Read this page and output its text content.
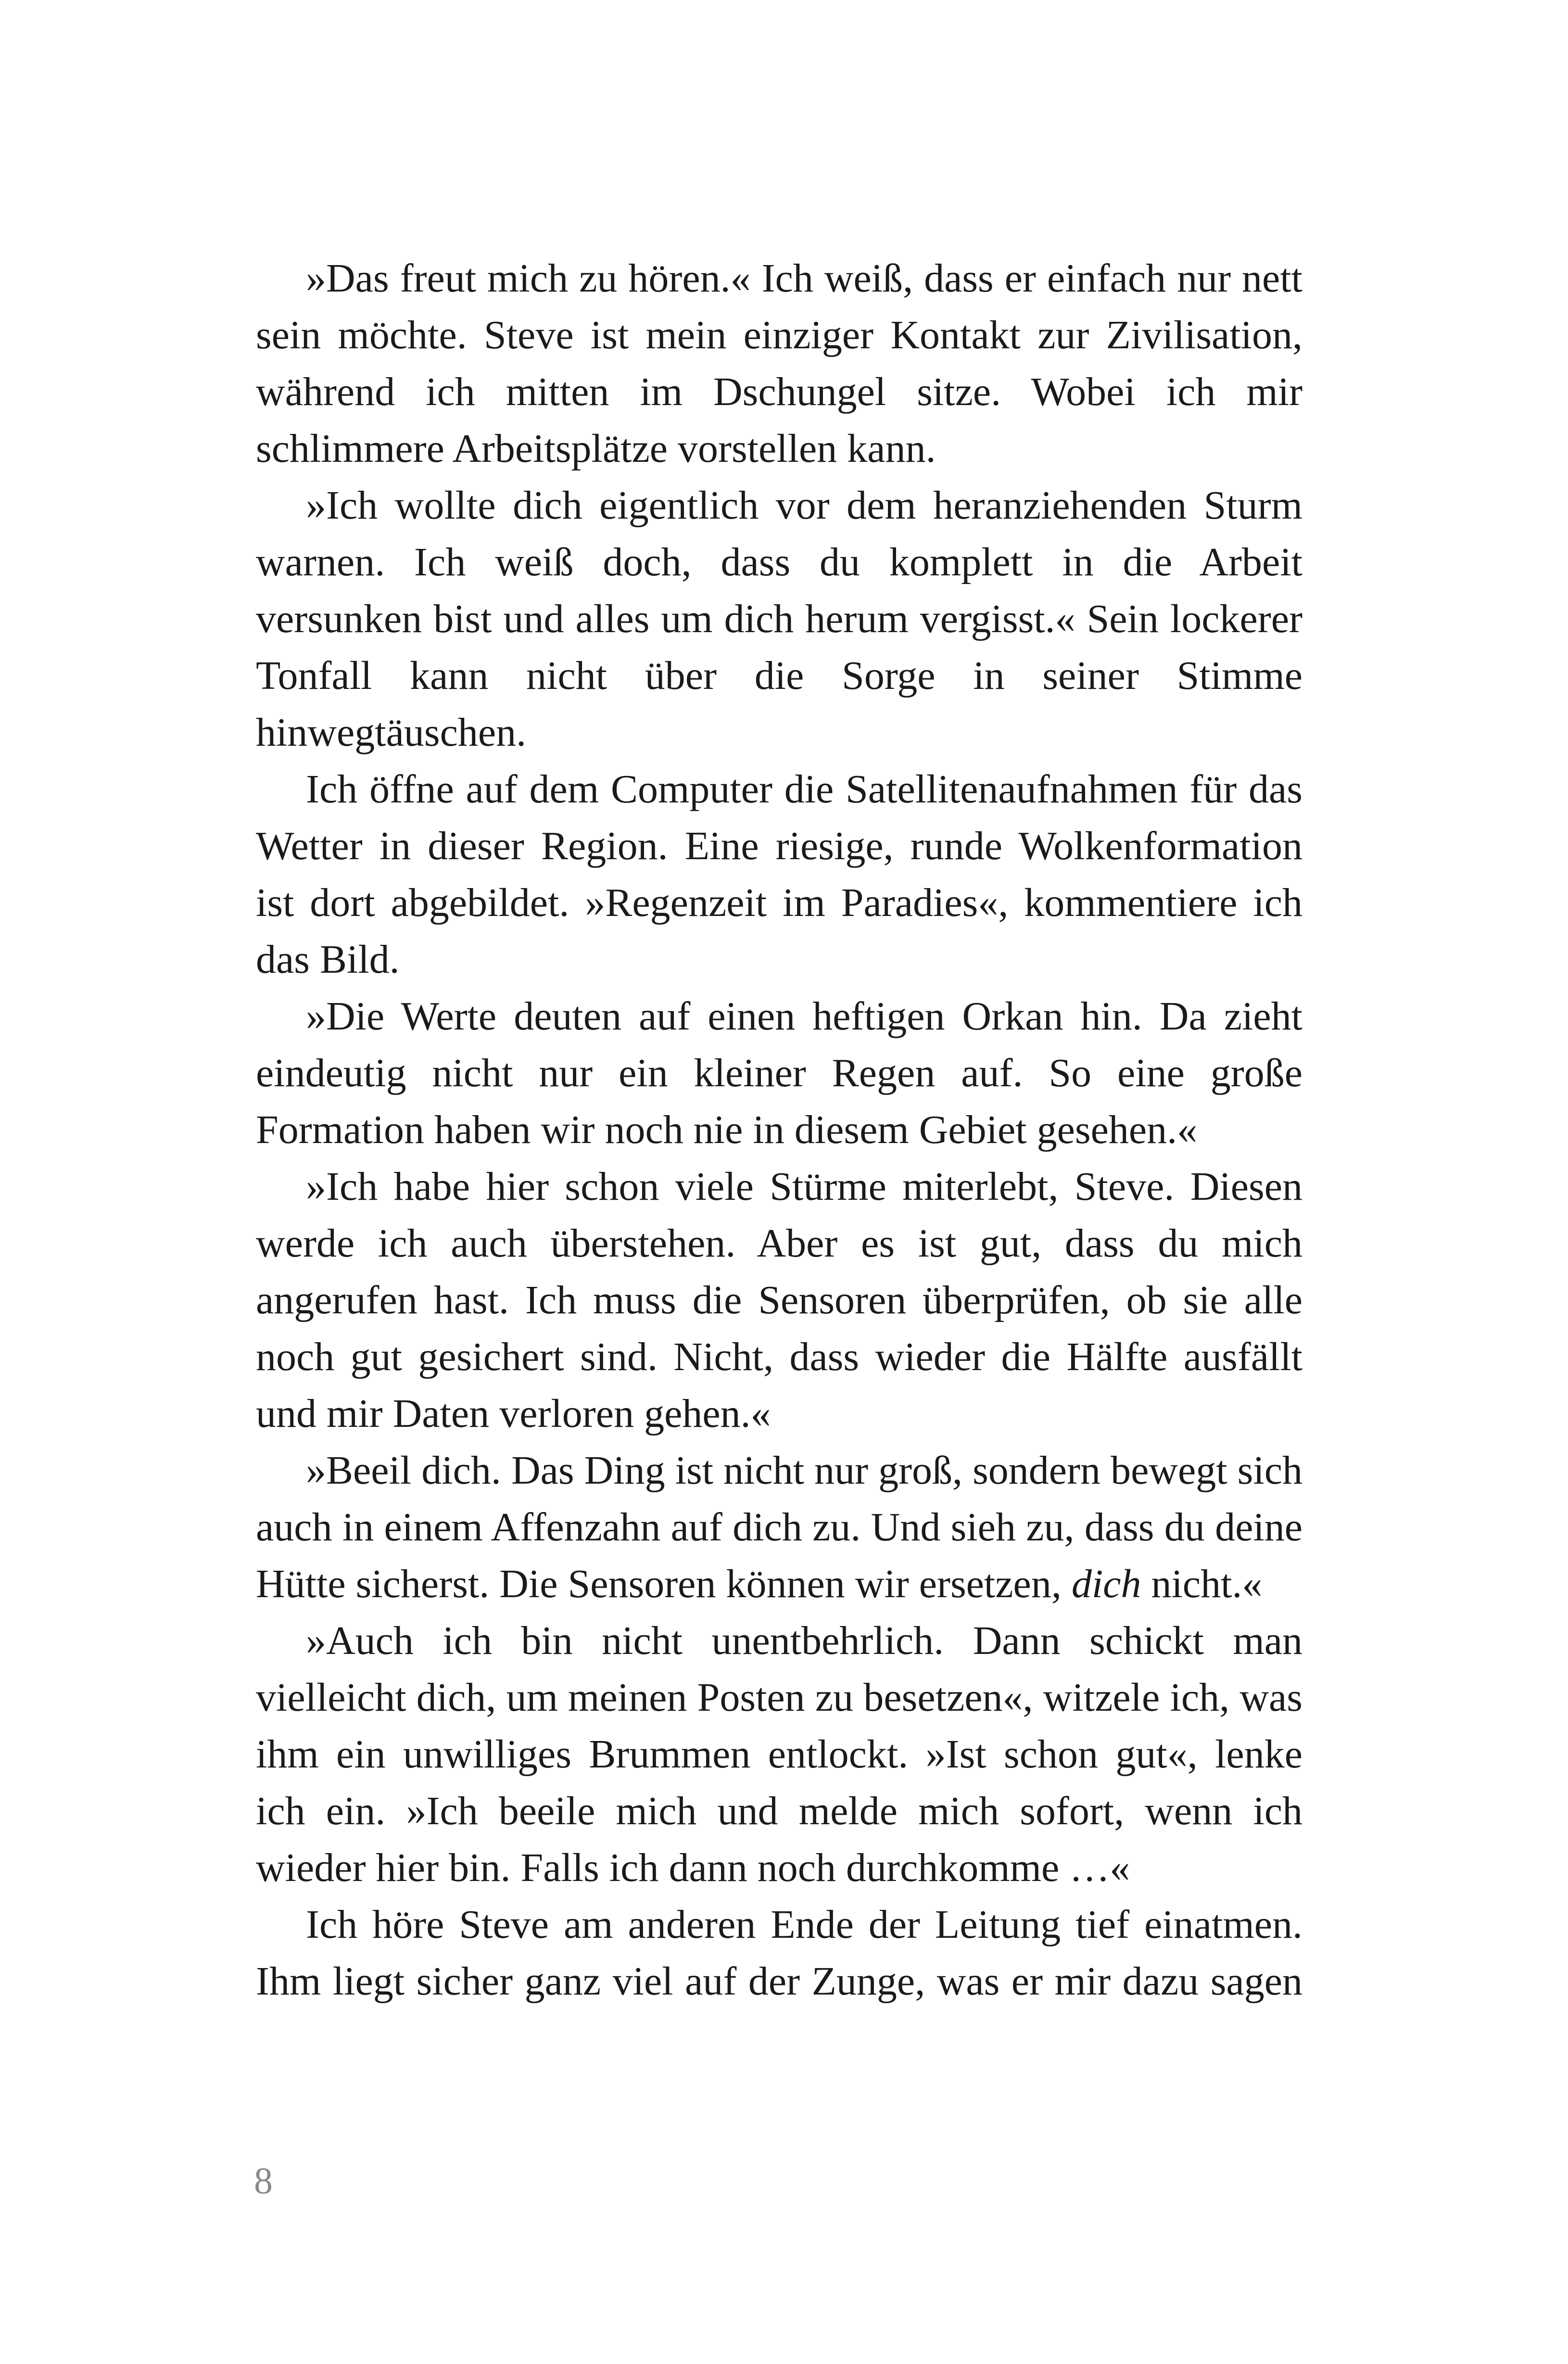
»Das freut mich zu hören.« Ich weiß, dass er einfach nur nett sein möchte. Steve ist mein einziger Kontakt zur Zivilisation, während ich mitten im Dschungel sitze. Wobei ich mir schlimmere Arbeitsplätze vorstellen kann.

»Ich wollte dich eigentlich vor dem heranziehenden Sturm warnen. Ich weiß doch, dass du komplett in die Arbeit versunken bist und alles um dich herum vergisst.« Sein lockerer Tonfall kann nicht über die Sorge in seiner Stimme hinwegtäuschen.

Ich öffne auf dem Computer die Satellitenaufnahmen für das Wetter in dieser Region. Eine riesige, runde Wolkenformation ist dort abgebildet. »Regenzeit im Paradies«, kommentiere ich das Bild.

»Die Werte deuten auf einen heftigen Orkan hin. Da zieht eindeutig nicht nur ein kleiner Regen auf. So eine große Formation haben wir noch nie in diesem Gebiet gesehen.«

»Ich habe hier schon viele Stürme miterlebt, Steve. Diesen werde ich auch überstehen. Aber es ist gut, dass du mich angerufen hast. Ich muss die Sensoren überprüfen, ob sie alle noch gut gesichert sind. Nicht, dass wieder die Hälfte ausfällt und mir Daten verloren gehen.«

»Beeil dich. Das Ding ist nicht nur groß, sondern bewegt sich auch in einem Affenzahn auf dich zu. Und sieh zu, dass du deine Hütte sicherst. Die Sensoren können wir ersetzen, dich nicht.«

»Auch ich bin nicht unentbehrlich. Dann schickt man vielleicht dich, um meinen Posten zu besetzen«, witzele ich, was ihm ein unwilliges Brummen entlockt. »Ist schon gut«, lenke ich ein. »Ich beeile mich und melde mich sofort, wenn ich wieder hier bin. Falls ich dann noch durchkomme …«

Ich höre Steve am anderen Ende der Leitung tief einatmen. Ihm liegt sicher ganz viel auf der Zunge, was er mir dazu sagen

8
